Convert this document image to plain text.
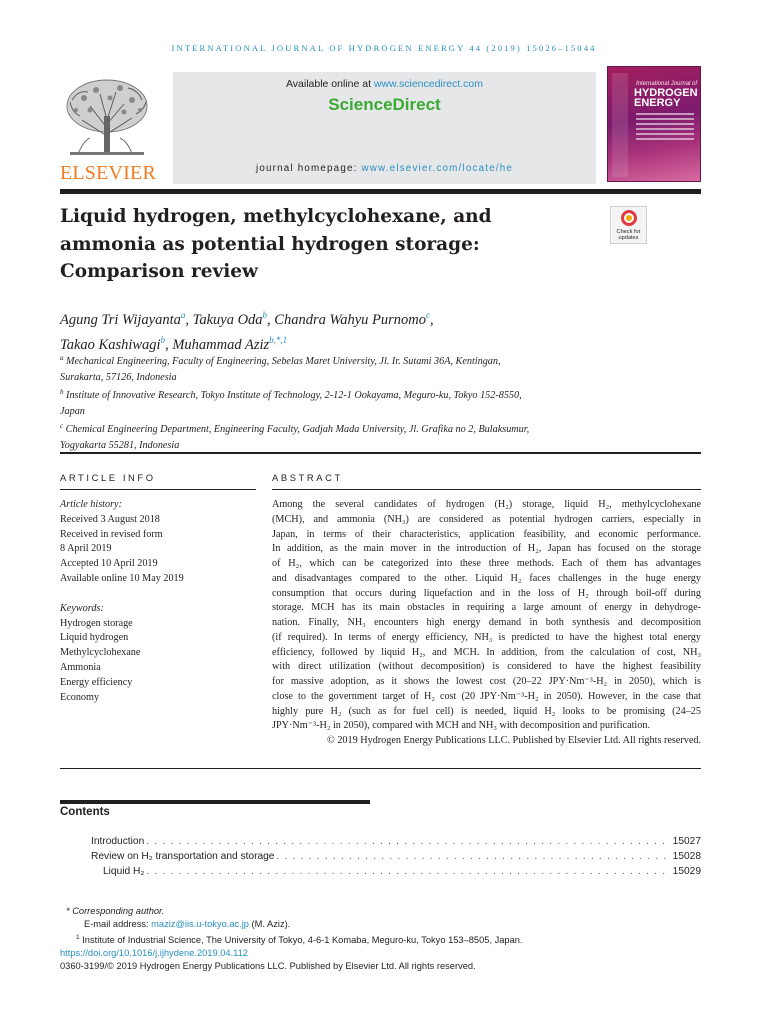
INTERNATIONAL JOURNAL OF HYDROGEN ENERGY 44 (2019) 15026–15044
ELSEVIER
Available online at www.sciencedirect.com
ScienceDirect
journal homepage: www.elsevier.com/locate/he
International Journal of
HYDROGEN
ENERGY
Liquid hydrogen, methylcyclohexane, and
ammonia as potential hydrogen storage:
Comparison review
Check for
updates
Agung Tri Wijayanta$^a$, Takuya Oda$^b$, Chandra Wahyu Purnomo$^c$,
Takao Kashiwagi$^b$, Muhammad Aziz$^{b,*,1}$
$^a$ Mechanical Engineering, Faculty of Engineering, Sebelas Maret University, Jl. Ir. Sutami 36A, Kentingan,
Surakarta, 57126, Indonesia
$^b$ Institute of Innovative Research, Tokyo Institute of Technology, 2-12-1 Ookayama, Meguro-ku, Tokyo 152-8550,
Japan
$^c$ Chemical Engineering Department, Engineering Faculty, Gadjah Mada University, Jl. Grafika no 2, Bulaksumur,
Yogyakarta 55281, Indonesia
ARTICLE INFO	ABSTRACT
Article history:
Received 3 August 2018
Received in revised form
8 April 2019
Accepted 10 April 2019
Available online 10 May 2019
Keywords:
Hydrogen storage
Liquid hydrogen
Methylcyclohexane
Ammonia
Energy efficiency
Economy
Among the several candidates of hydrogen (H₂) storage, liquid H₂, methylcyclohexane
(MCH), and ammonia (NH₃) are considered as potential hydrogen carriers, especially in
Japan, in terms of their characteristics, application feasibility, and economic performance.
In addition, as the main mover in the introduction of H₂, Japan has focused on the storage
of H₂, which can be categorized into these three methods. Each of them has advantages
and disadvantages compared to the other. Liquid H₂ faces challenges in the huge energy
consumption that occurs during liquefaction and in the loss of H₂ through boil-off during
storage. MCH has its main obstacles in requiring a large amount of energy in dehydroge-
nation. Finally, NH₃ encounters high energy demand in both synthesis and decomposition
(if required). In terms of energy efficiency, NH₃ is predicted to have the highest total energy
efficiency, followed by liquid H₂, and MCH. In addition, from the calculation of cost, NH₃
with direct utilization (without decomposition) is considered to have the highest feasibility
for massive adoption, as it shows the lowest cost (20–22 JPY·Nm⁻³-H₂ in 2050), which is
close to the government target of H₂ cost (20 JPY·Nm⁻³-H₂ in 2050). However, in the case that
highly pure H₂ (such as for fuel cell) is needed, liquid H₂ looks to be promising (24–25
JPY·Nm⁻³-H₂ in 2050), compared with MCH and NH₃ with decomposition and purification.
© 2019 Hydrogen Energy Publications LLC. Published by Elsevier Ltd. All rights reserved.
Contents
Introduction . . .	15027
Review on H₂ transportation and storage . . .	15028
Liquid H₂ . . .	15029
* Corresponding author.
E-mail address: maziz@iis.u-tokyo.ac.jp (M. Aziz).
$^1$ Institute of Industrial Science, The University of Tokyo, 4-6-1 Komaba, Meguro-ku, Tokyo 153–8505, Japan.
https://doi.org/10.1016/j.ijhydene.2019.04.112
0360-3199/© 2019 Hydrogen Energy Publications LLC. Published by Elsevier Ltd. All rights reserved.
